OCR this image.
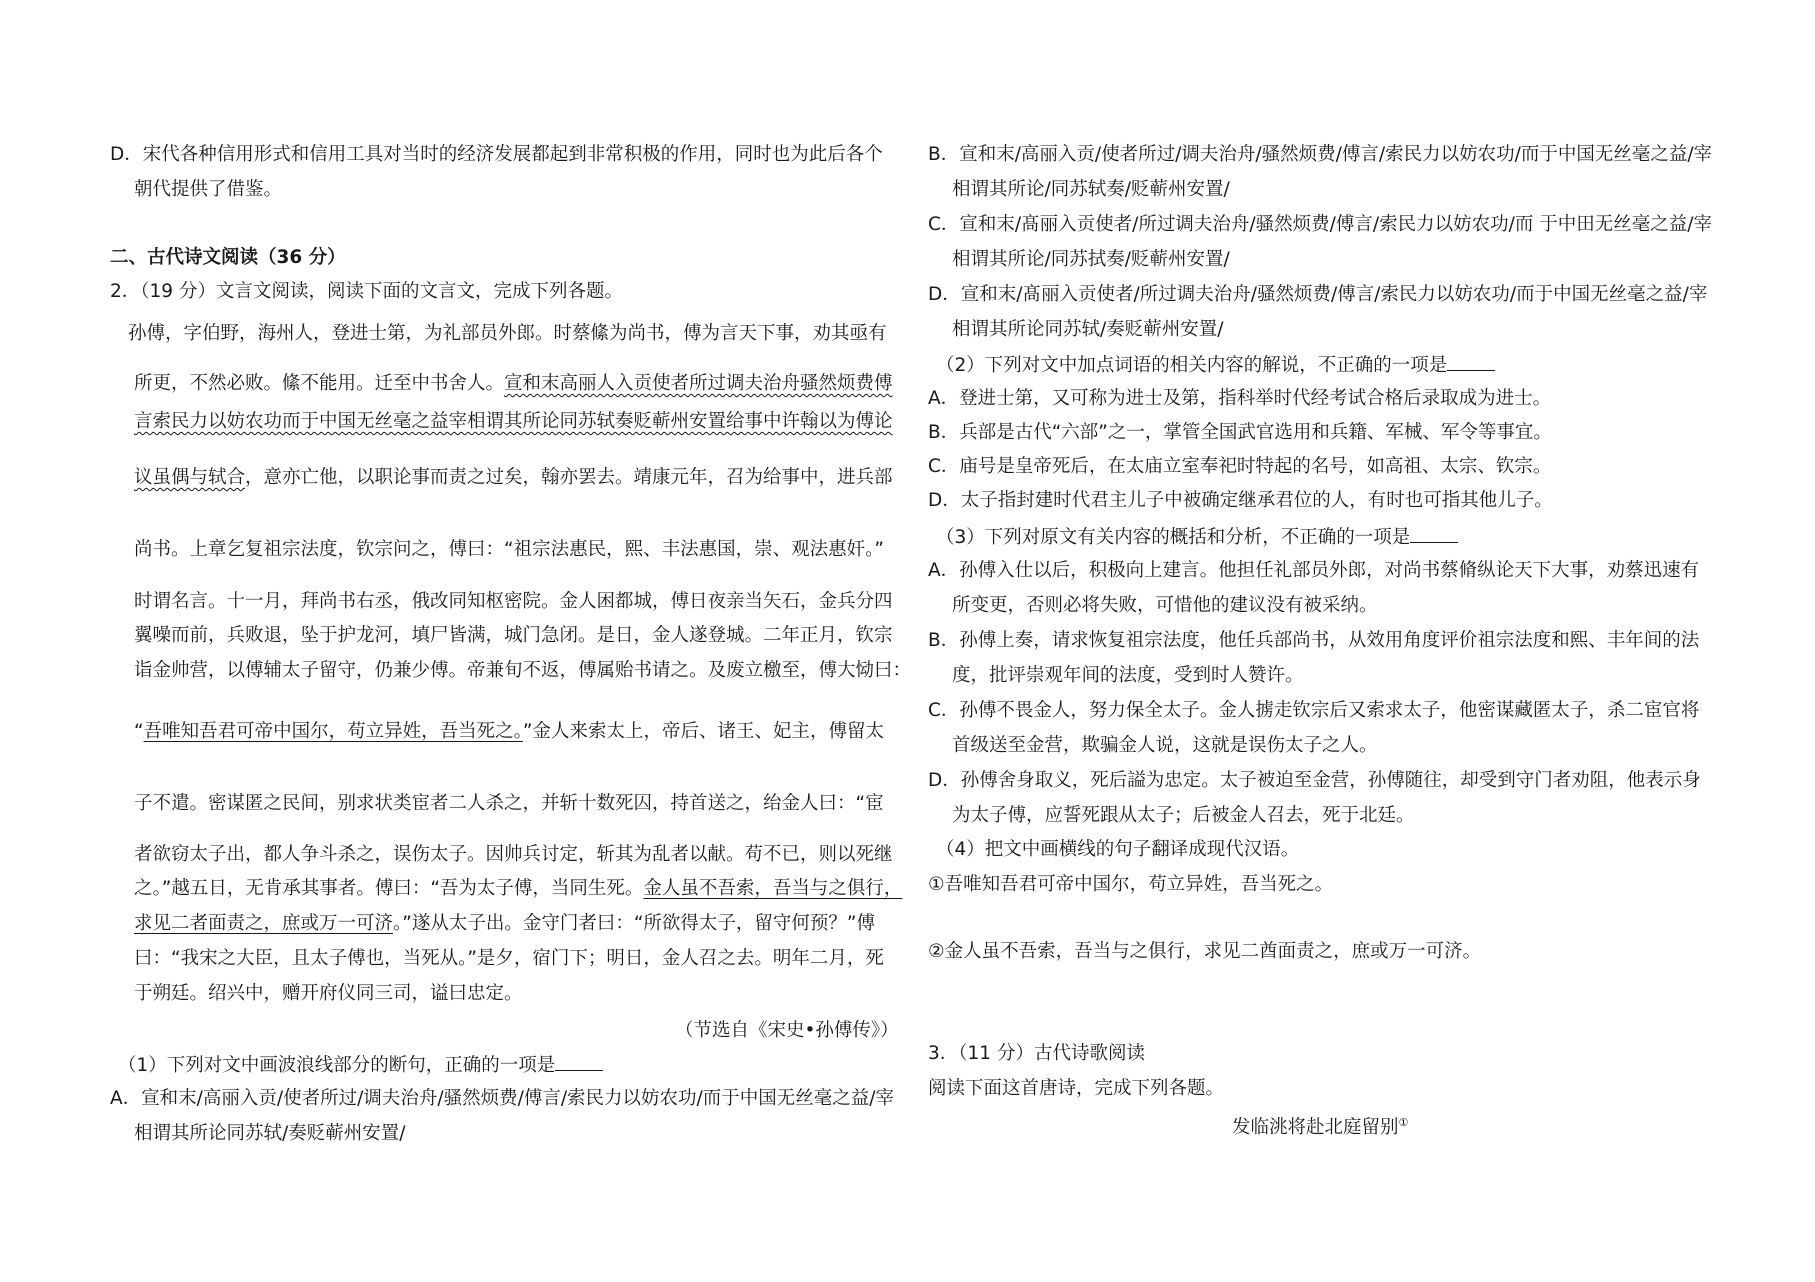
D．宋代各种信用形式和信用工具对当时的经济发展都起到非常积极的作用，同时也为此后各个
朝代提供了借鉴。
二、古代诗文阅读（36 分）
2．（19 分）文言文阅读，阅读下面的文言文，完成下列各题。
孙傅，字伯野，海州人，登进士第，为礼部员外郎。时蔡絛为尚书，傅为言天下事，劝其亟有
所更，不然必败。絛不能用。迁至中书舍人。宣和末高丽人入贡使者所过调夫治舟骚然烦费傅
言索民力以妨农功而于中国无丝毫之益宰相谓其所论同苏轼奏贬蕲州安置给事中许翰以为傅论
议虽偶与轼合，意亦亡他，以职论事而责之过矣，翰亦罢去。靖康元年，召为给事中，进兵部
尚书。上章乞复祖宗法度，钦宗问之，傅曰：“祖宗法惠民，熙、丰法惠国，崇、观法惠奸。”
时谓名言。十一月，拜尚书右丞，俄改同知枢密院。金人困都城，傅日夜亲当矢石，金兵分四
翼噪而前，兵败退，坠于护龙河，填尸皆满，城门急闭。是日，金人遂登城。二年正月，钦宗
诣金帅营，以傅辅太子留守，仍兼少傅。帝兼旬不返，傅属贻书请之。及废立檄至，傅大恸曰：
“吾唯知吾君可帝中国尔，苟立异姓，吾当死之。”金人来索太上，帝后、诸王、妃主，傅留太
子不遣。密谋匿之民间，别求状类宦者二人杀之，并斩十数死囚，持首送之，绐金人曰：“宦
者欲窃太子出，都人争斗杀之，误伤太子。因帅兵讨定，斩其为乱者以献。苟不已，则以死继
之。”越五日，无肯承其事者。傅曰：“吾为太子傅，当同生死。金人虽不吾索，吾当与之俱行，
求见二者面责之，庶或万一可济。”遂从太子出。金守门者曰：“所欲得太子，留守何预？”傅
曰：“我宋之大臣，且太子傅也，当死从。”是夕，宿门下；明日，金人召之去。明年二月，死
于朔廷。绍兴中，赠开府仪同三司，谥曰忠定。
（节选自《宋史•孙傅传》）
（1）下列对文中画波浪线部分的断句，正确的一项是
A．宣和末/高丽入贡/使者所过/调夫治舟/骚然烦费/傅言/索民力以妨农功/而于中国无丝毫之益/宰
相谓其所论同苏轼/奏贬蕲州安置/
B．宣和末/高丽入贡/使者所过/调夫治舟/骚然烦费/傅言/索民力以妨农功/而于中国无丝毫之益/宰
相谓其所论/同苏轼奏/贬蕲州安置/
C．宣和末/髙丽入贡使者/所过调夫治舟/骚然烦费/傅言/索民力以妨农功/而 于中田无丝毫之益/宰
相谓其所论/同苏拭奏/贬蕲州安置/
D．宣和末/髙丽入贡使者/所过调夫治舟/骚然烦费/傅言/索民力以妨农功/而于中国无丝毫之益/宰
相谓其所论同苏轼/奏贬蕲州安置/
（2）下列对文中加点词语的相关内容的解说，不正确的一项是
A．登进士第，又可称为进士及第，指科举时代经考试合格后录取成为进士。
B．兵部是古代“六部”之一，掌管全国武官选用和兵籍、军械、军令等事宜。
C．庙号是皇帝死后，在太庙立室奉祀时特起的名号，如高祖、太宗、钦宗。
D．太子指封建时代君主儿子中被确定继承君位的人，有时也可指其他儿子。
（3）下列对原文有关内容的概括和分析，不正确的一项是
A．孙傅入仕以后，积极向上建言。他担任礼部员外郎，对尚书蔡脩纵论天下大事，劝蔡迅速有
所变更，否则必将失败，可惜他的建议没有被采纳。
B．孙傅上奏，请求恢复祖宗法度，他任兵部尚书，从效用角度评价祖宗法度和熙、丰年间的法
度，批评崇观年间的法度，受到时人赞许。
C．孙傅不畏金人，努力保全太子。金人掳走钦宗后又索求太子，他密谋藏匿太子，杀二宦官将
首级送至金营，欺骗金人说，这就是误伤太子之人。
D．孙傅舍身取义，死后謚为忠定。太子被迫至金营，孙傅随往，却受到守门者劝阻，他表示身
为太子傅，应誓死跟从太子；后被金人召去，死于北廷。
（4）把文中画横线的句子翻译成现代汉语。
①吾唯知吾君可帝中国尔，苟立异姓，吾当死之。
②金人虽不吾索，吾当与之俱行，求见二酋面责之，庶或万一可济。
3．（11 分）古代诗歌阅读
阅读下面这首唐诗，完成下列各题。
发临洮将赴北庭留别①
